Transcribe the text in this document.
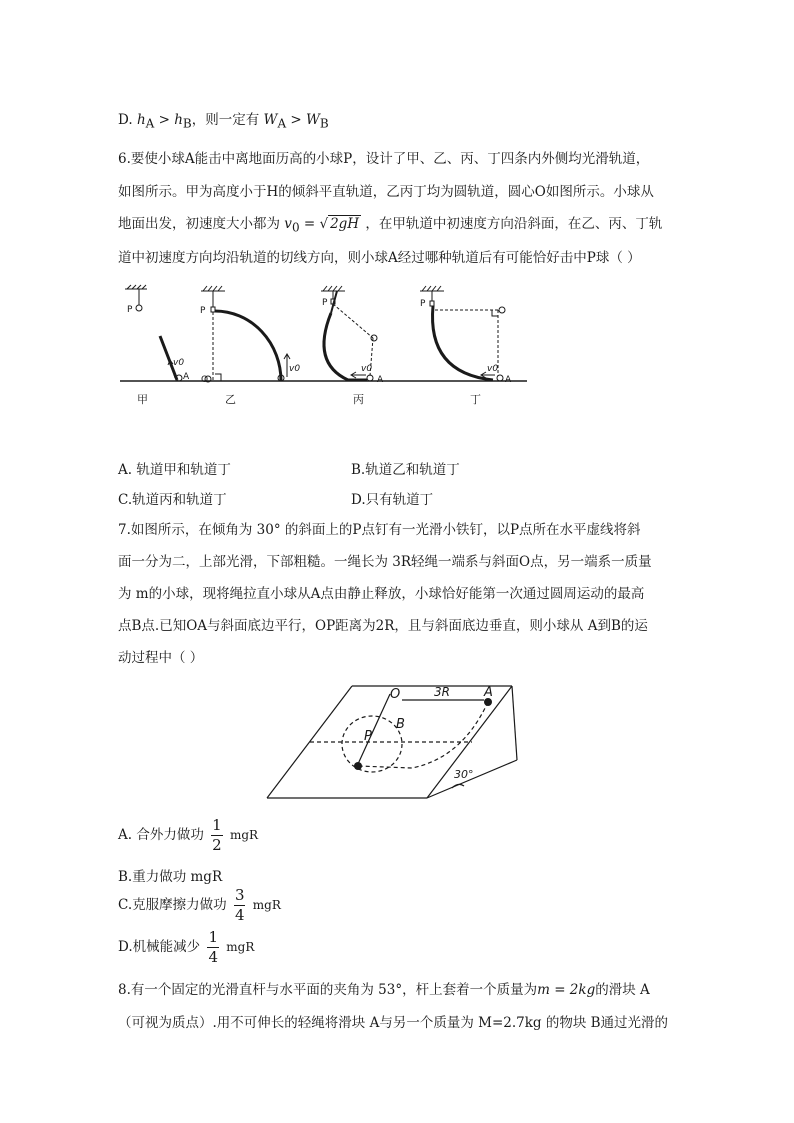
D. $h_A > h_B$，则一定有 $W_A > W_B$
6.要使小球A能击中离地面历高的小球P，设计了甲、乙、丙、丁四条内外侧均光滑轨道，
如图所示。甲为高度小于H的倾斜平直轨道，乙丙丁均为圆轨道，圆心O如图所示。小球从
地面出发，初速度大小都为 $v_0$ = √ 2gH ，在甲轨道中初速度方向沿斜面，在乙、丙、丁轨
道中初速度方向均沿轨道的切线方向，则小球A经过哪种轨道后有可能恰好击中P球（ ）
P
A
v0
P
O
v0
P
A
v0
P
A
v0
甲	乙	丙	丁
A. 轨道甲和轨道丁	B.轨道乙和轨道丁
C.轨道丙和轨道丁	D.只有轨道丁
7.如图所示，在倾角为 30° 的斜面上的P点钉有一光滑小铁钉，以P点所在水平虚线将斜
面一分为二，上部光滑，下部粗糙。一绳长为 3R轻绳一端系与斜面O点，另一端系一质量
为 m的小球，现将绳拉直小球从A点由静止释放，小球恰好能第一次通过圆周运动的最高
点B点.已知OA与斜面底边平行，OP距离为2R，且与斜面底边垂直，则小球从 A到B的运
动过程中（ ）
O	3R	A
B
P
30°
A. 合外力做功 $\frac{1}{2}$ mgR
B.重力做功 mgR
C.克服摩擦力做功 $\frac{3}{4}$ mgR
D.机械能减少 $\frac{1}{4}$ mgR
8.有一个固定的光滑直杆与水平面的夹角为 53°，杆上套着一个质量为m = 2kg的滑块 A
（可视为质点）.用不可伸长的轻绳将滑块 A与另一个质量为 M=2.7kg 的物块 B通过光滑的
